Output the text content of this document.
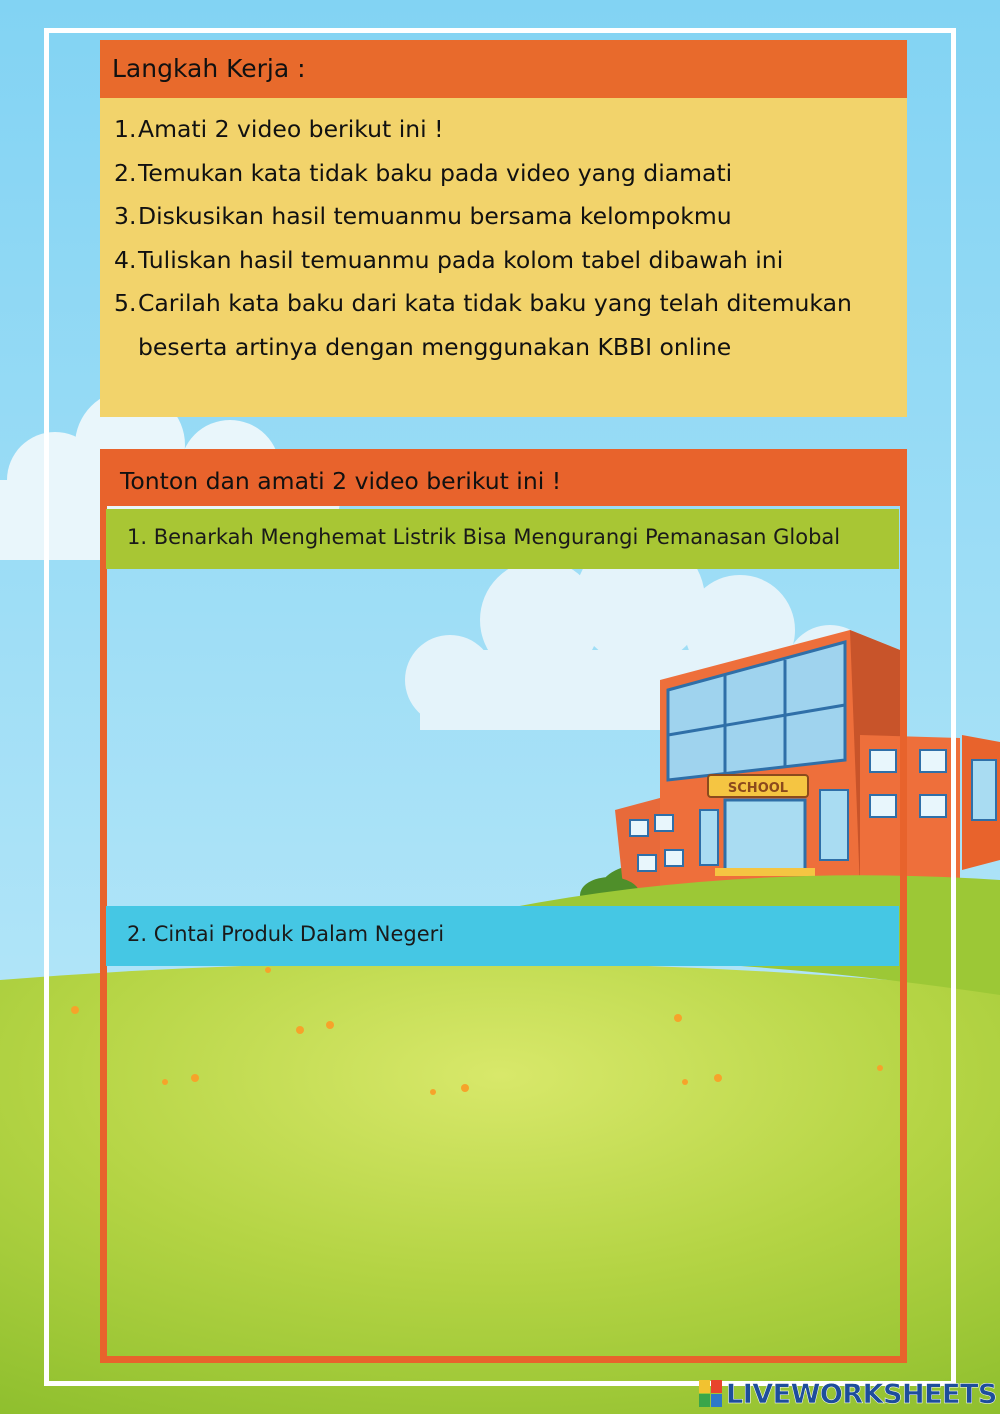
SCHOOL
Langkah Kerja :
1. Amati 2 video berikut ini !
2. Temukan kata tidak baku pada video yang diamati
3. Diskusikan hasil temuanmu bersama kelompokmu
4. Tuliskan hasil temuanmu pada kolom tabel dibawah ini
5. Carilah kata baku dari kata tidak baku yang telah ditemukan beserta artinya dengan menggunakan KBBI online
Tonton dan amati 2 video berikut ini !
1. Benarkah Menghemat Listrik Bisa Mengurangi Pemanasan Global
2. Cintai Produk Dalam Negeri
LIVEWORKSHEETS
